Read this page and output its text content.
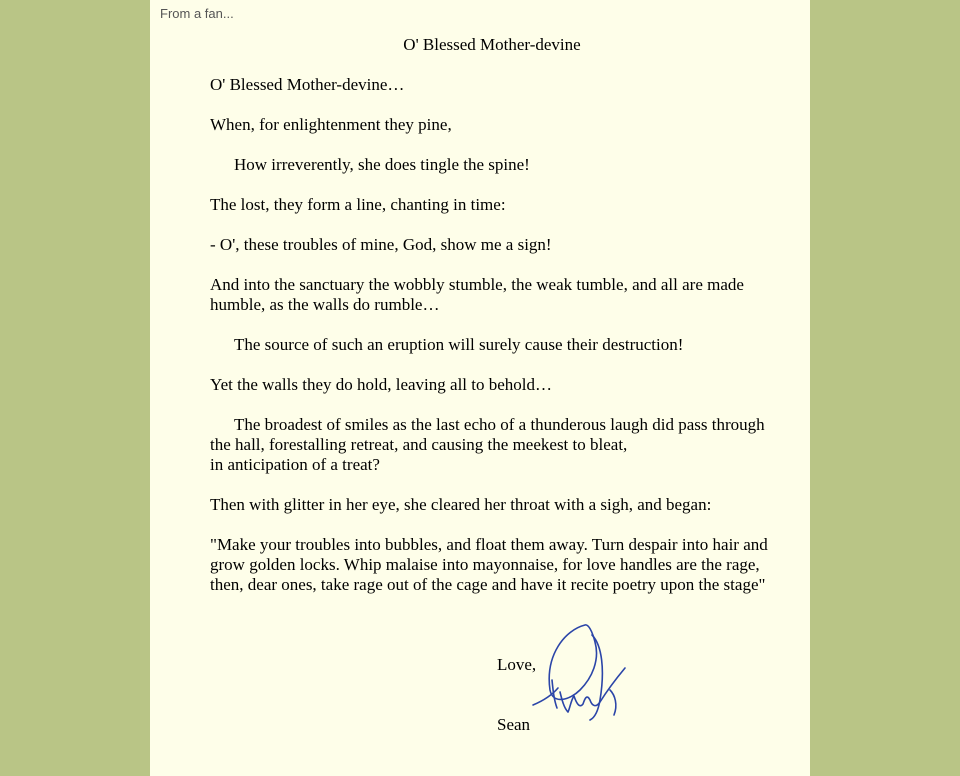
From a fan...
O' Blessed Mother-devine

O' Blessed Mother-devine…

When, for enlightenment they pine,

How irreverently, she does tingle the spine!

The lost, they form a line, chanting in time:

- O', these troubles of mine, God, show me a sign!

And into the sanctuary the wobbly stumble, the weak tumble, and all are made humble, as the walls do rumble…

The source of such an eruption will surely cause their destruction!

Yet the walls they do hold, leaving all to behold…

The broadest of smiles as the last echo of a thunderous laugh did pass through the hall, forestalling retreat, and causing the meekest to bleat,

in anticipation of a treat?

Then with glitter in her eye, she cleared her throat with a sigh, and began:

"Make your troubles into bubbles, and float them away. Turn despair into hair and grow golden locks. Whip malaise into mayonnaise, for love handles are the rage, then, dear ones, take rage out of the cage and have it recite poetry upon the stage"

Love,
Sean
